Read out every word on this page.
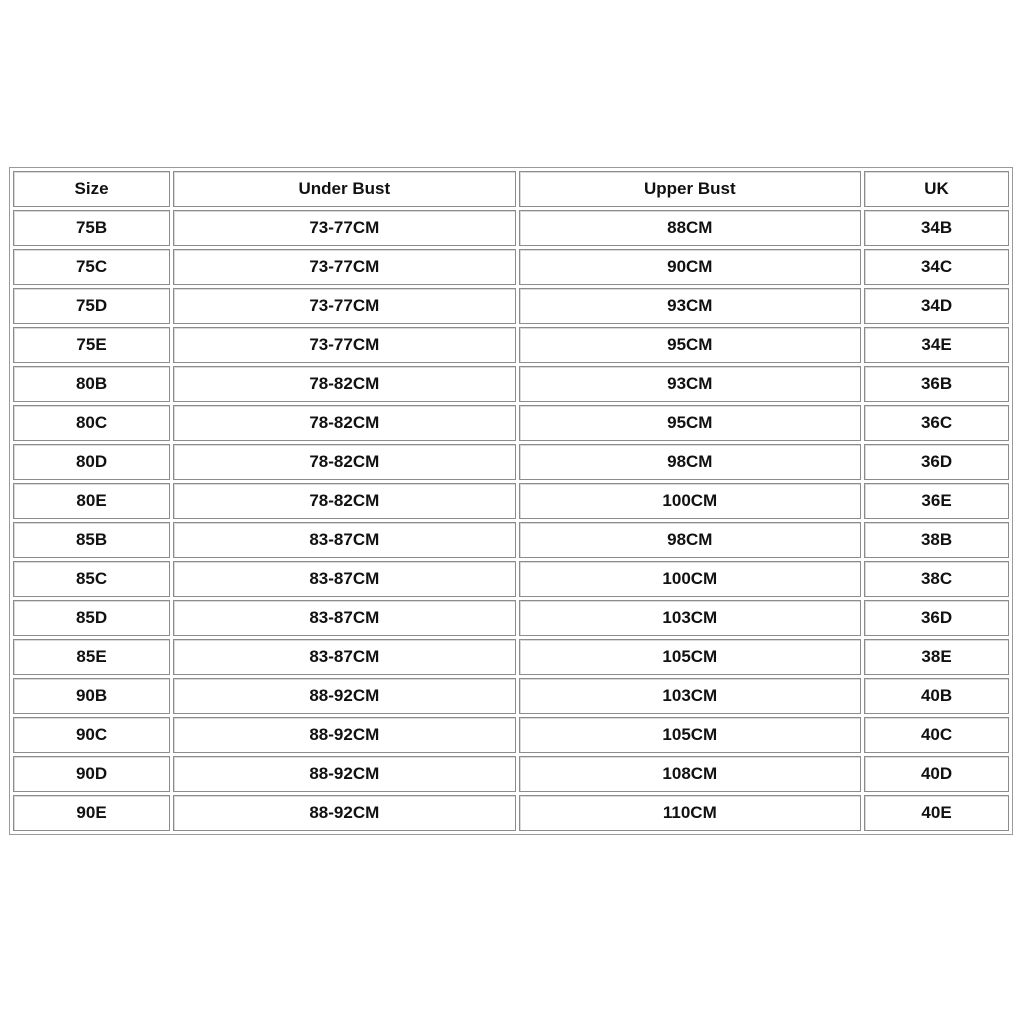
Size	Under Bust	Upper Bust	UK
75B	73-77CM	88CM	34B
75C	73-77CM	90CM	34C
75D	73-77CM	93CM	34D
75E	73-77CM	95CM	34E
80B	78-82CM	93CM	36B
80C	78-82CM	95CM	36C
80D	78-82CM	98CM	36D
80E	78-82CM	100CM	36E
85B	83-87CM	98CM	38B
85C	83-87CM	100CM	38C
85D	83-87CM	103CM	36D
85E	83-87CM	105CM	38E
90B	88-92CM	103CM	40B
90C	88-92CM	105CM	40C
90D	88-92CM	108CM	40D
90E	88-92CM	110CM	40E
